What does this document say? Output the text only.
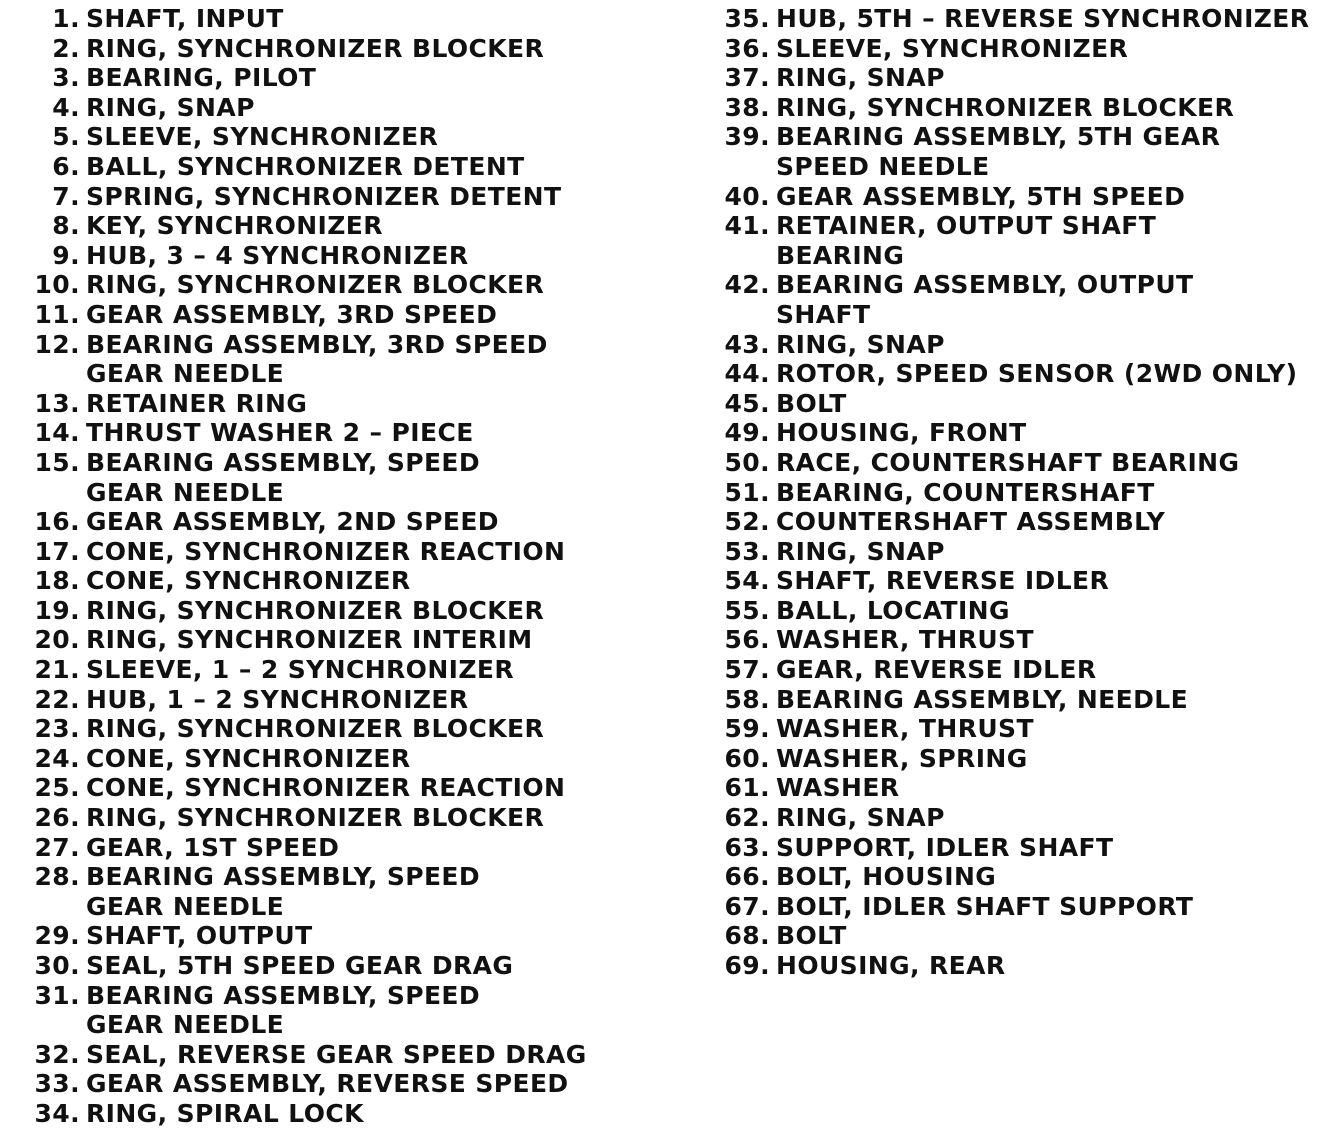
1. SHAFT, INPUT
2. RING, SYNCHRONIZER BLOCKER
3. BEARING, PILOT
4. RING, SNAP
5. SLEEVE, SYNCHRONIZER
6. BALL, SYNCHRONIZER DETENT
7. SPRING, SYNCHRONIZER DETENT
8. KEY, SYNCHRONIZER
9. HUB, 3 – 4 SYNCHRONIZER
10. RING, SYNCHRONIZER BLOCKER
11. GEAR ASSEMBLY, 3RD SPEED
12. BEARING ASSEMBLY, 3RD SPEED
GEAR NEEDLE
13. RETAINER RING
14. THRUST WASHER 2 – PIECE
15. BEARING ASSEMBLY, SPEED
GEAR NEEDLE
16. GEAR ASSEMBLY, 2ND SPEED
17. CONE, SYNCHRONIZER REACTION
18. CONE, SYNCHRONIZER
19. RING, SYNCHRONIZER BLOCKER
20. RING, SYNCHRONIZER INTERIM
21. SLEEVE, 1 – 2 SYNCHRONIZER
22. HUB, 1 – 2 SYNCHRONIZER
23. RING, SYNCHRONIZER BLOCKER
24. CONE, SYNCHRONIZER
25. CONE, SYNCHRONIZER REACTION
26. RING, SYNCHRONIZER BLOCKER
27. GEAR, 1ST SPEED
28. BEARING ASSEMBLY, SPEED
GEAR NEEDLE
29. SHAFT, OUTPUT
30. SEAL, 5TH SPEED GEAR DRAG
31. BEARING ASSEMBLY, SPEED
GEAR NEEDLE
32. SEAL, REVERSE GEAR SPEED DRAG
33. GEAR ASSEMBLY, REVERSE SPEED
34. RING, SPIRAL LOCK
35. HUB, 5TH – REVERSE SYNCHRONIZER
36. SLEEVE, SYNCHRONIZER
37. RING, SNAP
38. RING, SYNCHRONIZER BLOCKER
39. BEARING ASSEMBLY, 5TH GEAR
SPEED NEEDLE
40. GEAR ASSEMBLY, 5TH SPEED
41. RETAINER, OUTPUT SHAFT
BEARING
42. BEARING ASSEMBLY, OUTPUT
SHAFT
43. RING, SNAP
44. ROTOR, SPEED SENSOR (2WD ONLY)
45. BOLT
49. HOUSING, FRONT
50. RACE, COUNTERSHAFT BEARING
51. BEARING, COUNTERSHAFT
52. COUNTERSHAFT ASSEMBLY
53. RING, SNAP
54. SHAFT, REVERSE IDLER
55. BALL, LOCATING
56. WASHER, THRUST
57. GEAR, REVERSE IDLER
58. BEARING ASSEMBLY, NEEDLE
59. WASHER, THRUST
60. WASHER, SPRING
61. WASHER
62. RING, SNAP
63. SUPPORT, IDLER SHAFT
66. BOLT, HOUSING
67. BOLT, IDLER SHAFT SUPPORT
68. BOLT
69. HOUSING, REAR
